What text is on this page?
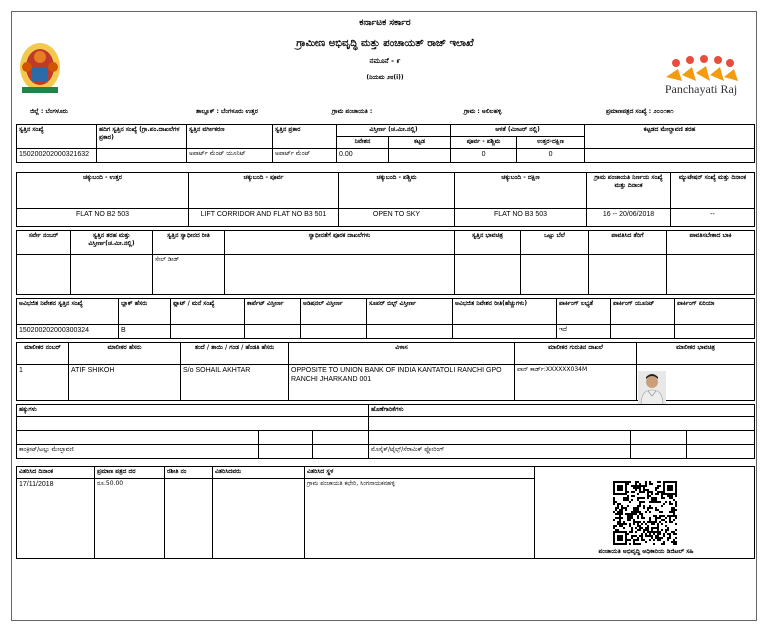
ಕರ್ನಾಟಕ ಸರ್ಕಾರ
ಗ್ರಾಮೀಣ ಅಭಿವೃದ್ಧಿ ಮತ್ತು ಪಂಚಾಯತ್ ರಾಜ್ ಇಲಾಖೆ
ನಮೂನೆ - ೯
(ನಿಯಮ ೨೮(i))
Panchayati Raj
ಜಿಲ್ಲೆ : ಬೆಂಗಳೂರು	ತಾಲ್ಲೂಕ್ : ಬೆಂಗಳೂರು ಉತ್ತರ	ಗ್ರಾಮ ಪಂಚಾಯತಿ :	ಗ್ರಾಮ : ಅಲಿಲಹಳ್ಳಿ	ಪ್ರಮಾಣಪತ್ರದ ಸಂಖ್ಯೆ : ೨೦೦೧೫೧
ಸ್ವತ್ತಿನ ಸಂಖ್ಯೆ	ಹದಿಗ ಸ್ವತ್ತಿನ ಸಂಖ್ಯೆ (ಗ್ರಾ.ಪಂ.ದಾಖಲೆಗಳ ಪ್ರಕಾರ)	ಸ್ವತ್ತಿನ ವರ್ಗೀಕರಣ	ಸ್ವತ್ತಿನ ಪ್ರಕಾರ	ವಿಸ್ತೀರ್ಣ (ಚ.ಮೀ.ನಲ್ಲಿ)		ಅಳತೆ (ಮೀಟರ್ ನಲ್ಲಿ)		ಕಟ್ಟಡದ ಮೇಲ್ಚಾವಣಿ ತರಹ
				ನಿವೇಶನ	ಕಟ್ಟಡ	ಪೂರ್ವ - ಪಶ್ಚಿಮ	ಉತ್ತರ-ದಕ್ಷಿಣ	
150200202000321632		ಅಪಾರ್ಟ್ ಮೆಂಟ್ ಯೂನಿಟ್	ಅಪಾರ್ಟ್ ಮೆಂಟ್	0.00		0	0	
ಚಕ್ಕುಬಂದಿ - ಉತ್ತರ	ಚಕ್ಕುಬಂದಿ - ಪೂರ್ವ	ಚಕ್ಕುಬಂದಿ - ಪಶ್ಚಿಮ	ಚಕ್ಕುಬಂದಿ - ದಕ್ಷಿಣ	ಗ್ರಾಮ ಪಂಚಾಯತಿ ನಿರ್ಣಯ ಸಂಖ್ಯೆ ಮತ್ತು ದಿನಾಂಕ	ಮ್ಯುಟೇಷನ್ ಸಂಖ್ಯೆ ಮತ್ತು ದಿನಾಂಕ
FLAT NO B2 503	LIFT CORRIDOR AND FLAT NO B3 501	OPEN TO SKY	FLAT NO B3 503	16 -- 20/06/2018	--
ಸರ್ವೇ ನಂಬರ್	ಸ್ವತ್ತಿನ ತರಹ ಮತ್ತು ವಿಸ್ತೀರ್ಣ(ಚ.ಮೀ.ನಲ್ಲಿ)	ಸ್ವತ್ತಿನ ಸ್ವಾಧೀನದ ರೀತಿ	ಸ್ವಾಧೀನತೆಗೆ ಪೂರಕ ದಾಖಲೆಗಳು	ಸ್ವತ್ತಿನ ಭಾವಚಿತ್ರ	ಒಟ್ಟು ಬೆಲೆ	ಪಾವತಿಸಿದ ತೆರಿಗೆ	ಪಾವತಿಸಬೇಕಾದ ಬಾಕಿ
		ಸೇಲ್ ಡೀಡ್					
ಅವಿಭಜಿತ ನಿವೇಶನ ಸ್ವತ್ತಿನ ಸಂಖ್ಯೆ	ಬ್ಲಾಕ್ ಹೆಸರು	ಫ್ಲಾಟ್ / ಮನೆ ಸಂಖ್ಯೆ	ಕಾರ್ಪೆಟ್ ವಿಸ್ತೀರ್ಣ	ಅಡಿಷನಲ್ ವಿಸ್ತೀರ್ಣ	ಸೂಪರ್ ಬಿಲ್ಟ್ ವಿಸ್ತೀರ್ಣ	ಅವಿಭಜಿತ ನಿವೇಶನ ರೀತಿ(ಹೆಚ್ಚುಗಳು)	ಪಾರ್ಕಿಂಗ್ ಲಭ್ಯತೆ	ಪಾರ್ಕಿಂಗ್ ಯೂನಿಟ್	ಪಾರ್ಕಿಂಗ್ ಏರಿಯಾ
150200202000300324	B						ಇದೆ		
ಮಾಲೀಕರ ನಂಬರ್	ಮಾಲೀಕರ ಹೆಸರು	ತಂದೆ / ತಾಯಿ / ಗಂಡ / ಹೆಂಡತಿ ಹೆಸರು	ವಿಳಾಸ	ಮಾಲೀಕರ ಗುರುತಿನ ದಾಖಲೆ	ಮಾಲೀಕರ ಭಾವಚಿತ್ರ
1	ATIF SHIKOH	S/o SOHAIL AKHTAR	OPPOSITE TO UNION BANK OF INDIA KANTATOLI RANCHI GPO RANCHI JHARKAND 001	ಪಾನ್ ಕಾರ್ಡ್:XXXXXX034M	
ಹಕ್ಕುಗಳು			ಹೊಣೆಗಾರಿಕೆಗಳು		

ಕಾಂಕ್ರೀಟ್/ಟಲ್ಲು ಮೇಲ್ಛಾವಣಿ			ಮೊಸೈಕ್/ಟೈಲ್ಸ್/ಸೆರಾಮಿಕ್ ಫ್ಲೋರಿಂಗ್		
ವಿತರಿಸಿದ ದಿನಾಂಕ	ಪ್ರಮಾಣ ಪತ್ರದ ದರ	ರಶೀತಿ ನಂ	ವಿತರಿಸಿದವರು	ವಿತರಿಸಿದ ಸ್ಥಳ	
17/11/2018	ರೂ.50.00			ಗ್ರಾಮ ಪಂಚಾಯತಿ ಕಛೇರಿ, ಸಿಂಗನಾಯಕನಹಳ್ಳಿ	
ಪಂಚಾಯತಿ ಅಭಿವೃದ್ಧಿ ಅಧಿಕಾರಿಯ ಡಿಜಿಟಲ್ ಸಹಿ
